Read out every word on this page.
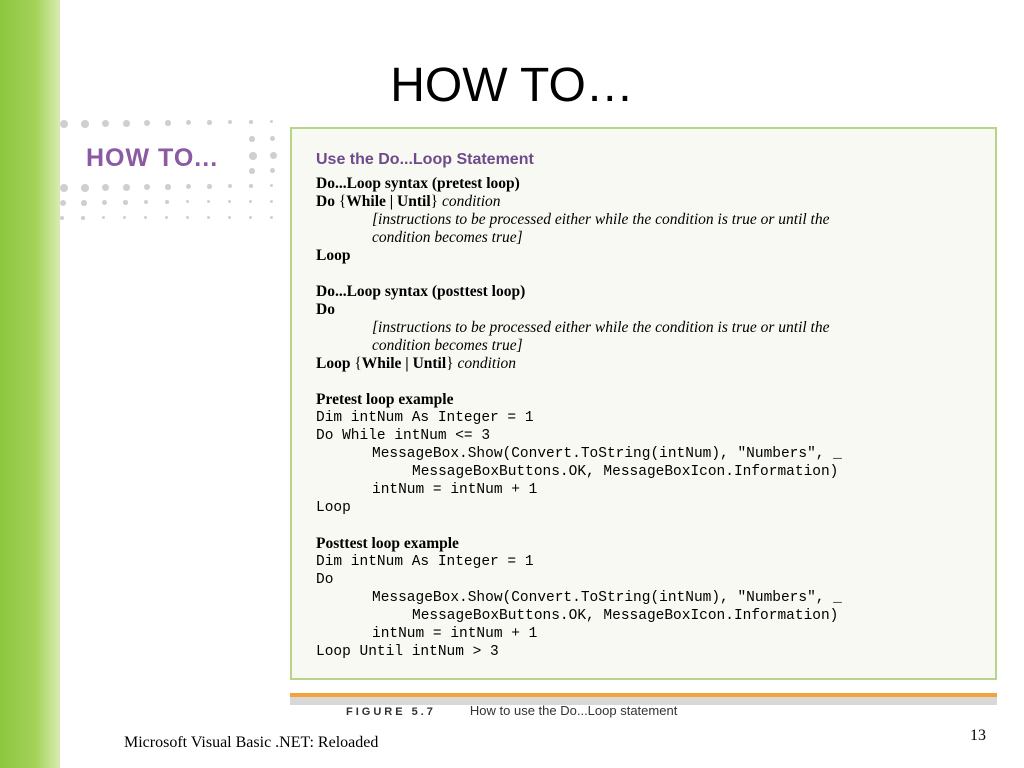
HOW TO…
HOW TO...	Use the Do...Loop Statement
Do...Loop syntax (pretest loop)
Do {While | Until} condition
[instructions to be processed either while the condition is true or until the
condition becomes true]
Loop
Do...Loop syntax (posttest loop)
Do
[instructions to be processed either while the condition is true or until the
condition becomes true]
Loop {While | Until} condition
Pretest loop example
Dim intNum As Integer = 1
Do While intNum <= 3
MessageBox.Show(Convert.ToString(intNum), "Numbers", _
MessageBoxButtons.OK, MessageBoxIcon.Information)
intNum = intNum + 1
Loop
Posttest loop example
Dim intNum As Integer = 1
Do
MessageBox.Show(Convert.ToString(intNum), "Numbers", _
MessageBoxButtons.OK, MessageBoxIcon.Information)
intNum = intNum + 1
Loop Until intNum > 3
FIGURE 5.7	How to use the Do...Loop statement
Microsoft Visual Basic .NET: Reloaded	13
